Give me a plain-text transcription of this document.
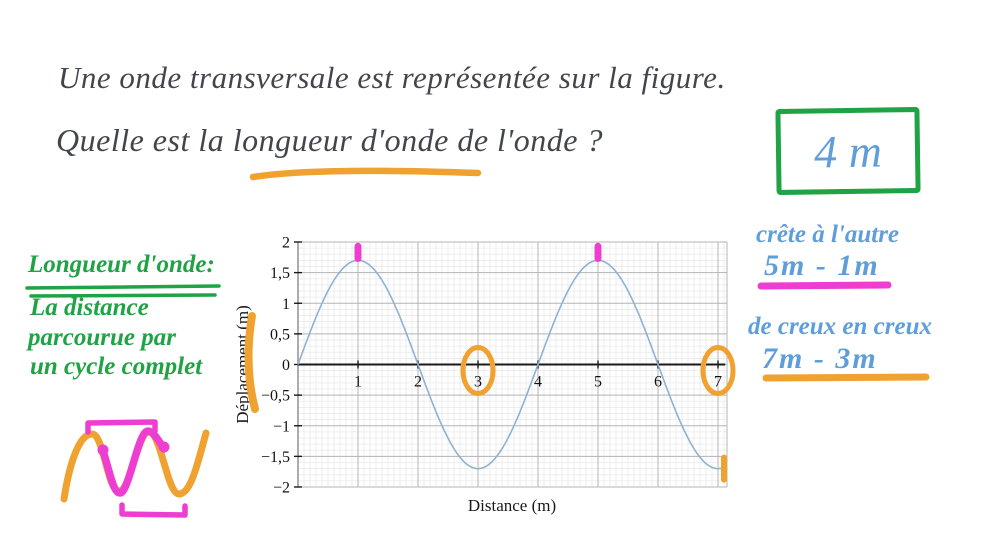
Une onde transversale est représentée sur la figure.
Quelle est la longueur d'onde de l'onde ?	4 m
Longueur d'onde:
La distance
parcourue par
un cycle complet
crête à l'autre
5m - 1m
de creux en creux
7m - 3m
2
1,5
1
0,5
0
−0,5
−1
−1,5
−2
1	2	3	4	5	6	7
Distance (m)
Déplacement (m)
